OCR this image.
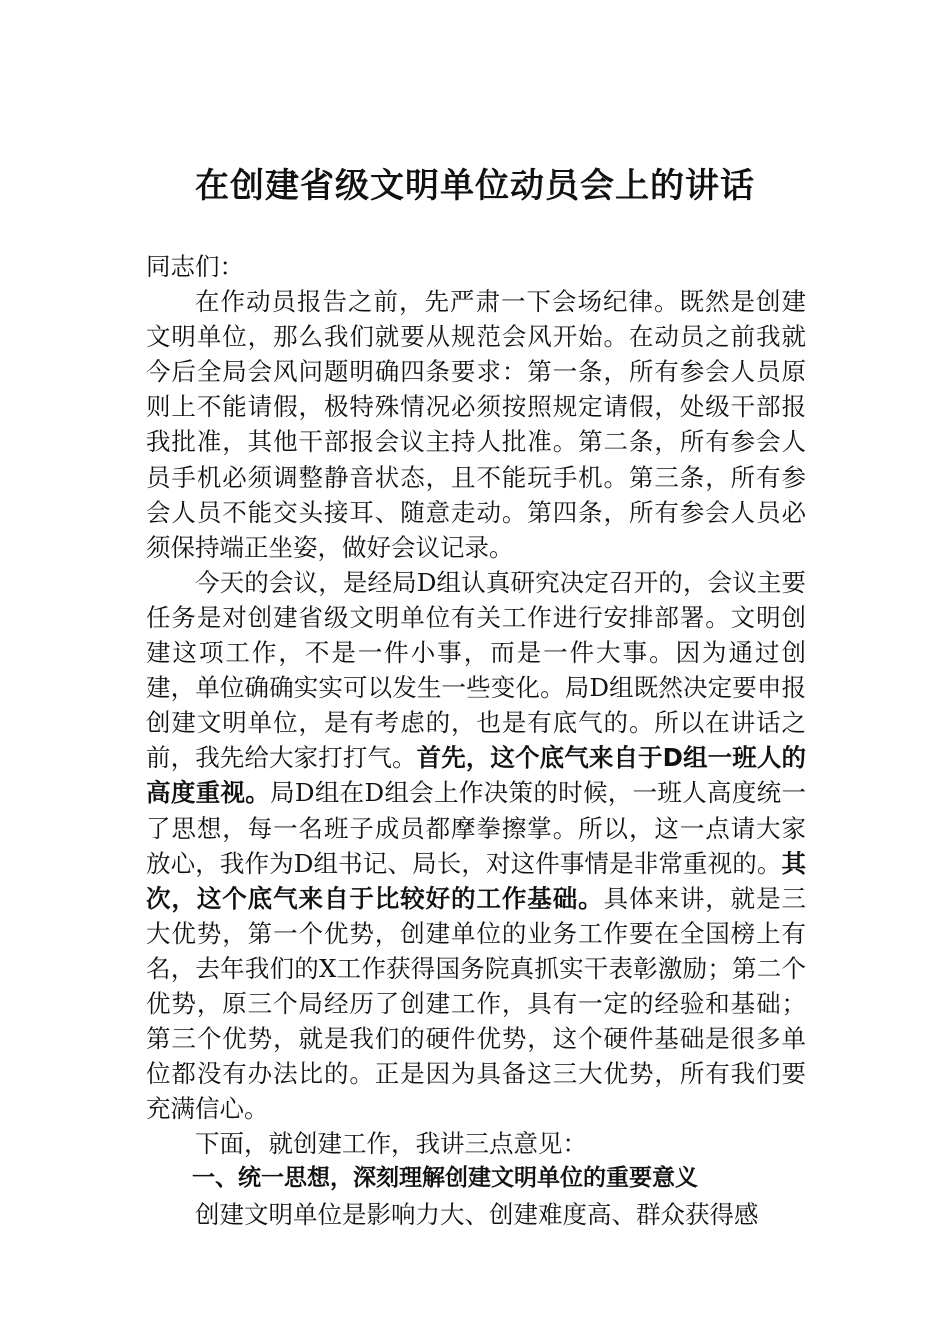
在创建省级文明单位动员会上的讲话

同志们：

在作动员报告之前，先严肃一下会场纪律。既然是创建文明单位，那么我们就要从规范会风开始。在动员之前我就今后全局会风问题明确四条要求：第一条，所有参会人员原则上不能请假，极特殊情况必须按照规定请假，处级干部报我批准，其他干部报会议主持人批准。第二条，所有参会人员手机必须调整静音状态，且不能玩手机。第三条，所有参会人员不能交头接耳、随意走动。第四条，所有参会人员必须保持端正坐姿，做好会议记录。

今天的会议，是经局D组认真研究决定召开的，会议主要任务是对创建省级文明单位有关工作进行安排部署。文明创建这项工作，不是一件小事，而是一件大事。因为通过创建，单位确确实实可以发生一些变化。局D组既然决定要申报创建文明单位，是有考虑的，也是有底气的。所以在讲话之前，我先给大家打打气。首先，这个底气来自于D组一班人的高度重视。局D组在D组会上作决策的时候，一班人高度统一了思想，每一名班子成员都摩拳擦掌。所以，这一点请大家放心，我作为D组书记、局长，对这件事情是非常重视的。其次，这个底气来自于比较好的工作基础。具体来讲，就是三大优势，第一个优势，创建单位的业务工作要在全国榜上有名，去年我们的X工作获得国务院真抓实干表彰激励；第二个优势，原三个局经历了创建工作，具有一定的经验和基础；第三个优势，就是我们的硬件优势，这个硬件基础是很多单位都没有办法比的。正是因为具备这三大优势，所有我们要充满信心。

下面，就创建工作，我讲三点意见：

一、统一思想，深刻理解创建文明单位的重要意义

创建文明单位是影响力大、创建难度高、群众获得感
